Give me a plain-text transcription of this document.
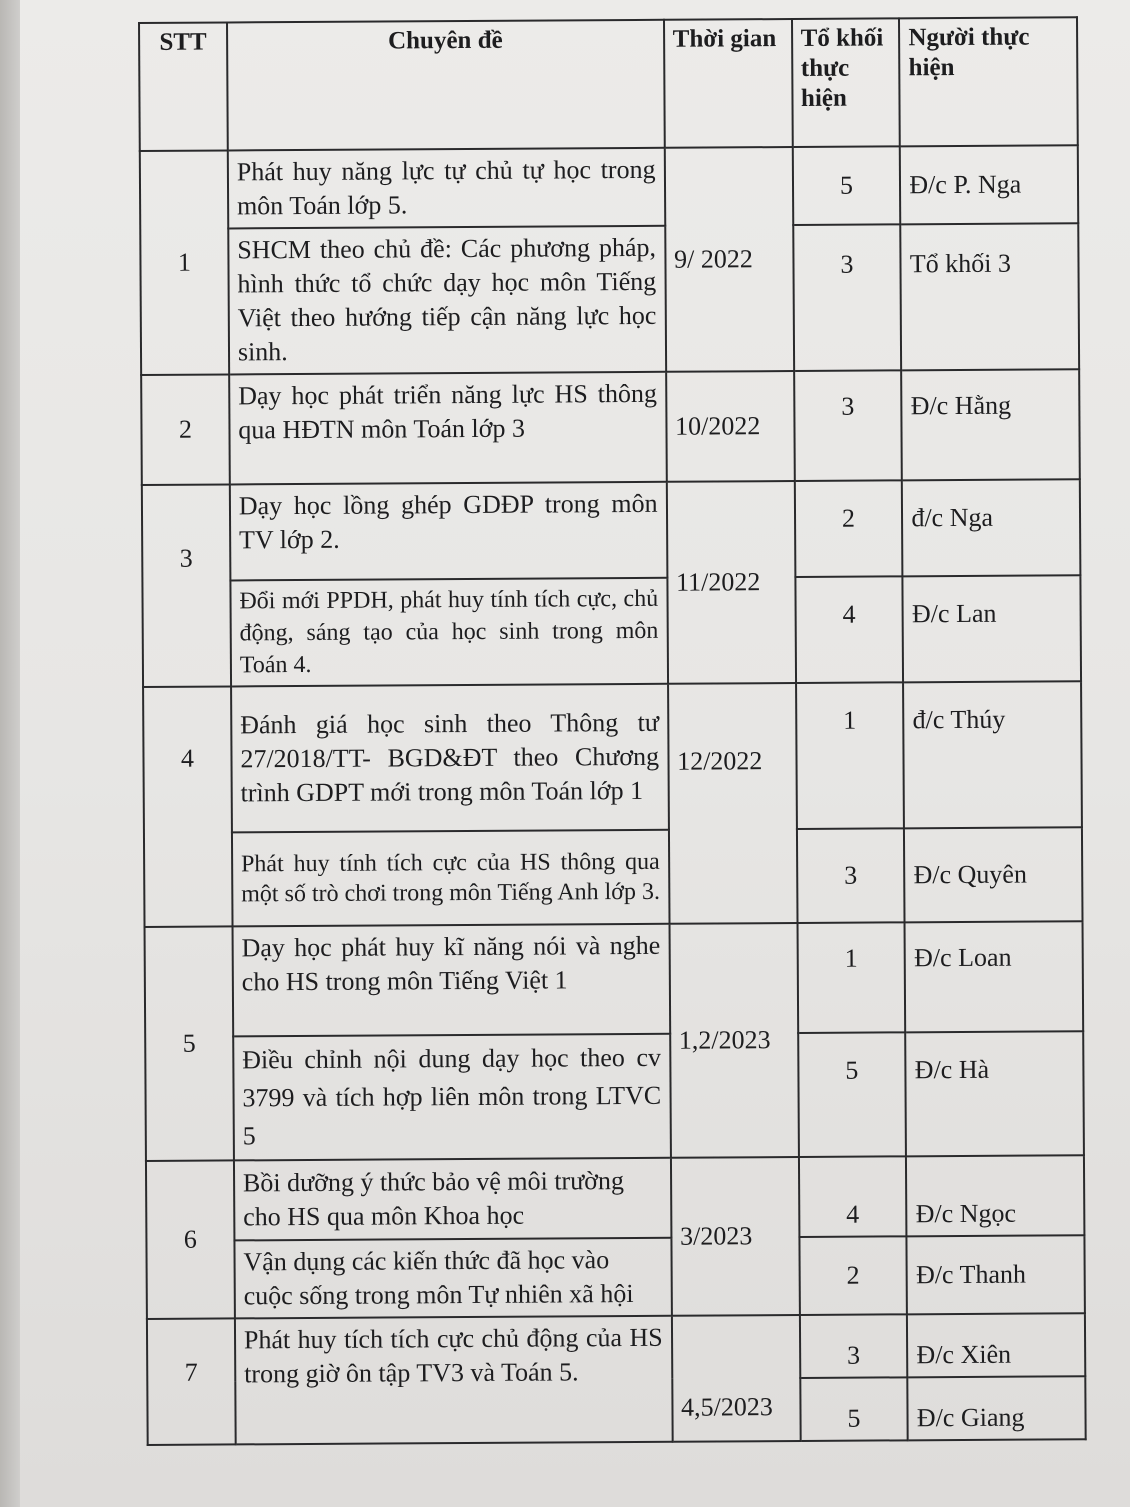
STT	Chuyên đề	Thời gian	Tổ khối thực hiện	Người thực hiện
1	Phát huy năng lực tự chủ tự học trong môn Toán lớp 5.	9/ 2022	5	Đ/c P. Nga
	SHCM theo chủ đề: Các phương pháp, hình thức tổ chức dạy học môn Tiếng Việt theo hướng tiếp cận năng lực học sinh.		3	Tổ khối 3
2	Dạy học phát triển năng lực HS thông qua HĐTN môn Toán lớp 3	10/2022	3	Đ/c Hằng
3	Dạy học lồng ghép GDĐP trong môn TV lớp 2.	11/2022	2	đ/c Nga
	Đổi mới PPDH, phát huy tính tích cực, chủ động, sáng tạo của học sinh trong môn Toán 4.		4	Đ/c Lan
4	Đánh giá học sinh theo Thông tư 27/2018/TT- BGD&ĐT theo Chương trình GDPT mới trong môn Toán lớp 1	12/2022	1	đ/c Thúy
	Phát huy tính tích cực của HS thông qua một số trò chơi trong môn Tiếng Anh lớp 3.		3	Đ/c Quyên
5	Dạy học phát huy kĩ năng nói và nghe cho HS trong môn Tiếng Việt 1	1,2/2023	1	Đ/c Loan
	Điều chỉnh nội dung dạy học theo cv 3799 và tích hợp liên môn trong LTVC 5		5	Đ/c Hà
6	Bồi dưỡng ý thức bảo vệ môi trường cho HS qua môn Khoa học	3/2023	4	Đ/c Ngọc
	Vận dụng các kiến thức đã học vào cuộc sống trong môn Tự nhiên xã hội		2	Đ/c Thanh
7	Phát huy tích tích cực chủ động của HS trong giờ ôn tập TV3 và Toán 5.	4,5/2023	3	Đ/c Xiên
			5	Đ/c Giang
